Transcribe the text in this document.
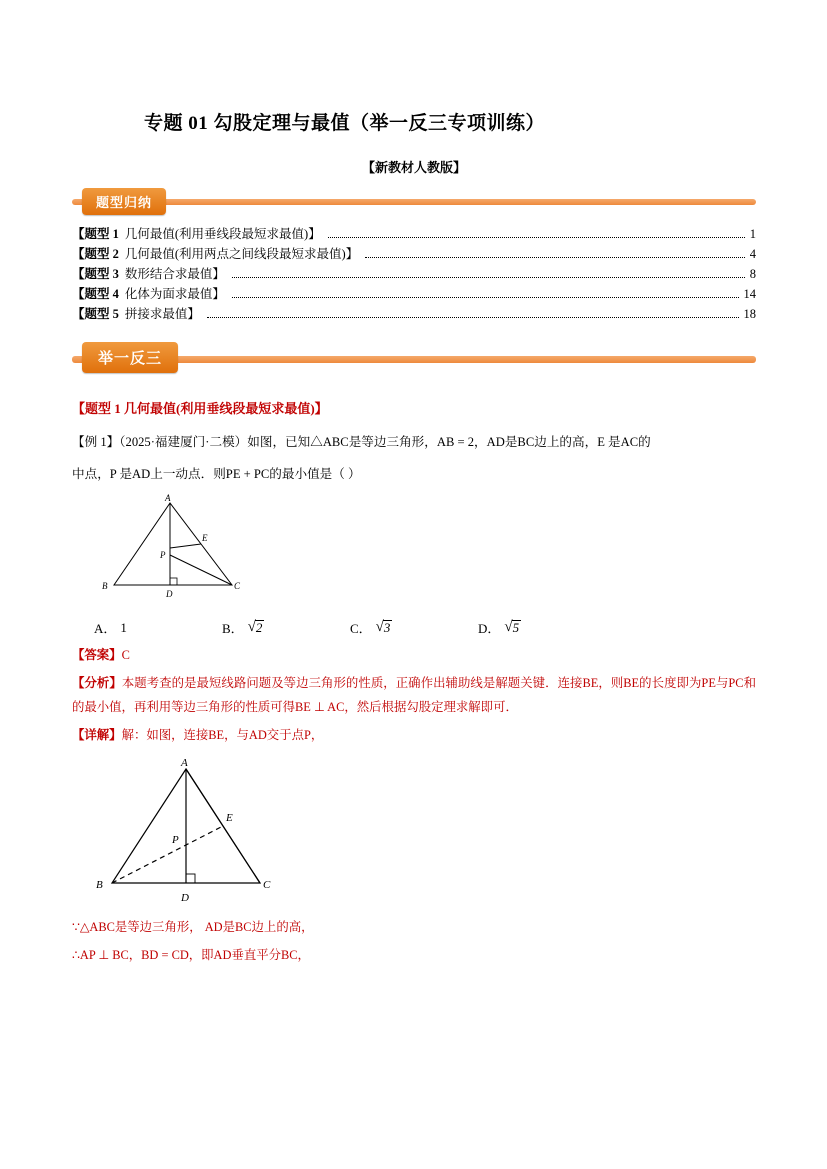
专题 01 勾股定理与最值（举一反三专项训练）
【新教材人教版】
题型归纳
【题型 1 几何最值(利用垂线段最短求最值)】	1
【题型 2 几何最值(利用两点之间线段最短求最值)】	4
【题型 3 数形结合求最值】	8
【题型 4 化体为面求最值】	14
【题型 5 拼接求最值】	18
举一反三
【题型 1 几何最值(利用垂线段最短求最值)】
【例 1】（2025·福建厦门·二模）如图，已知△ABC是等边三角形，AB = 2，AD是BC边上的高，E 是AC的
中点，P 是AD上一动点．则PE + PC的最小值是（ ）
A
E
P
B
D
C
A． 1	B． √ 2	C． √ 3	D． √ 5
【答案】C
【分析】本题考查的是最短线路问题及等边三角形的性质，正确作出辅助线是解题关键．连接BE，则BE的长度即为PE与PC和的最小值，再利用等边三角形的性质可得BE ⊥ AC，然后根据勾股定理求解即可．
【详解】解：如图，连接BE，与AD交于点P，
A
E
P
B
D
C
∵△ABC是等边三角形， AD是BC边上的高，
∴AP ⊥ BC，BD = CD，即AD垂直平分BC，
